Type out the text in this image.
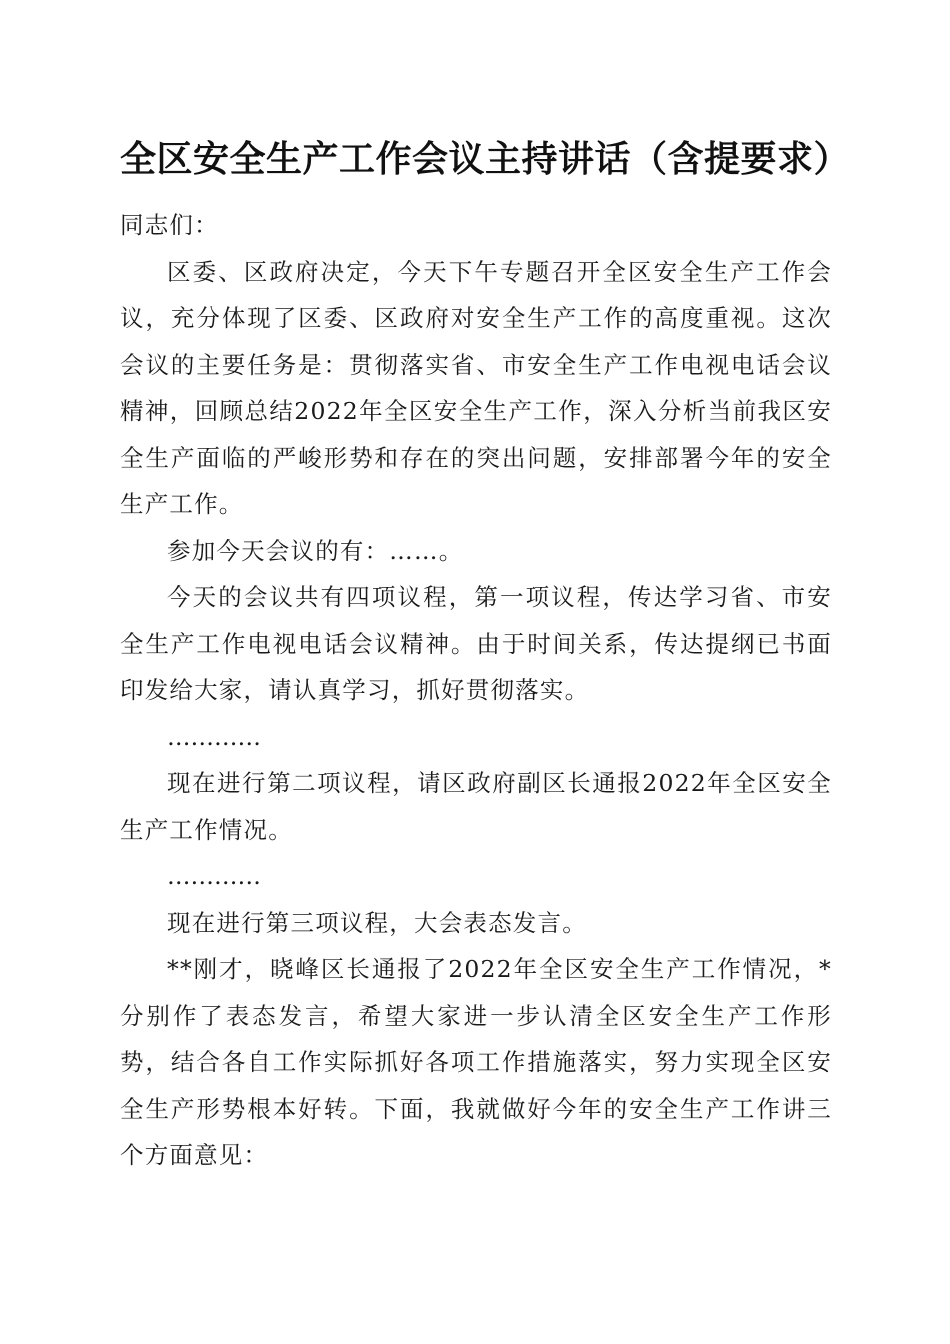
全区安全生产工作会议主持讲话（含提要求）

同志们：

区委、区政府决定，今天下午专题召开全区安全生产工作会议，充分体现了区委、区政府对安全生产工作的高度重视。这次会议的主要任务是：贯彻落实省、市安全生产工作电视电话会议精神，回顾总结2022年全区安全生产工作，深入分析当前我区安全生产面临的严峻形势和存在的突出问题，安排部署今年的安全生产工作。

参加今天会议的有：……。

今天的会议共有四项议程，第一项议程，传达学习省、市安全生产工作电视电话会议精神。由于时间关系，传达提纲已书面印发给大家，请认真学习，抓好贯彻落实。

…………

现在进行第二项议程，请区政府副区长通报2022年全区安全生产工作情况。

…………

现在进行第三项议程，大会表态发言。

**刚才，晓峰区长通报了2022年全区安全生产工作情况，*分别作了表态发言，希望大家进一步认清全区安全生产工作形势，结合各自工作实际抓好各项工作措施落实，努力实现全区安全生产形势根本好转。下面，我就做好今年的安全生产工作讲三个方面意见：
